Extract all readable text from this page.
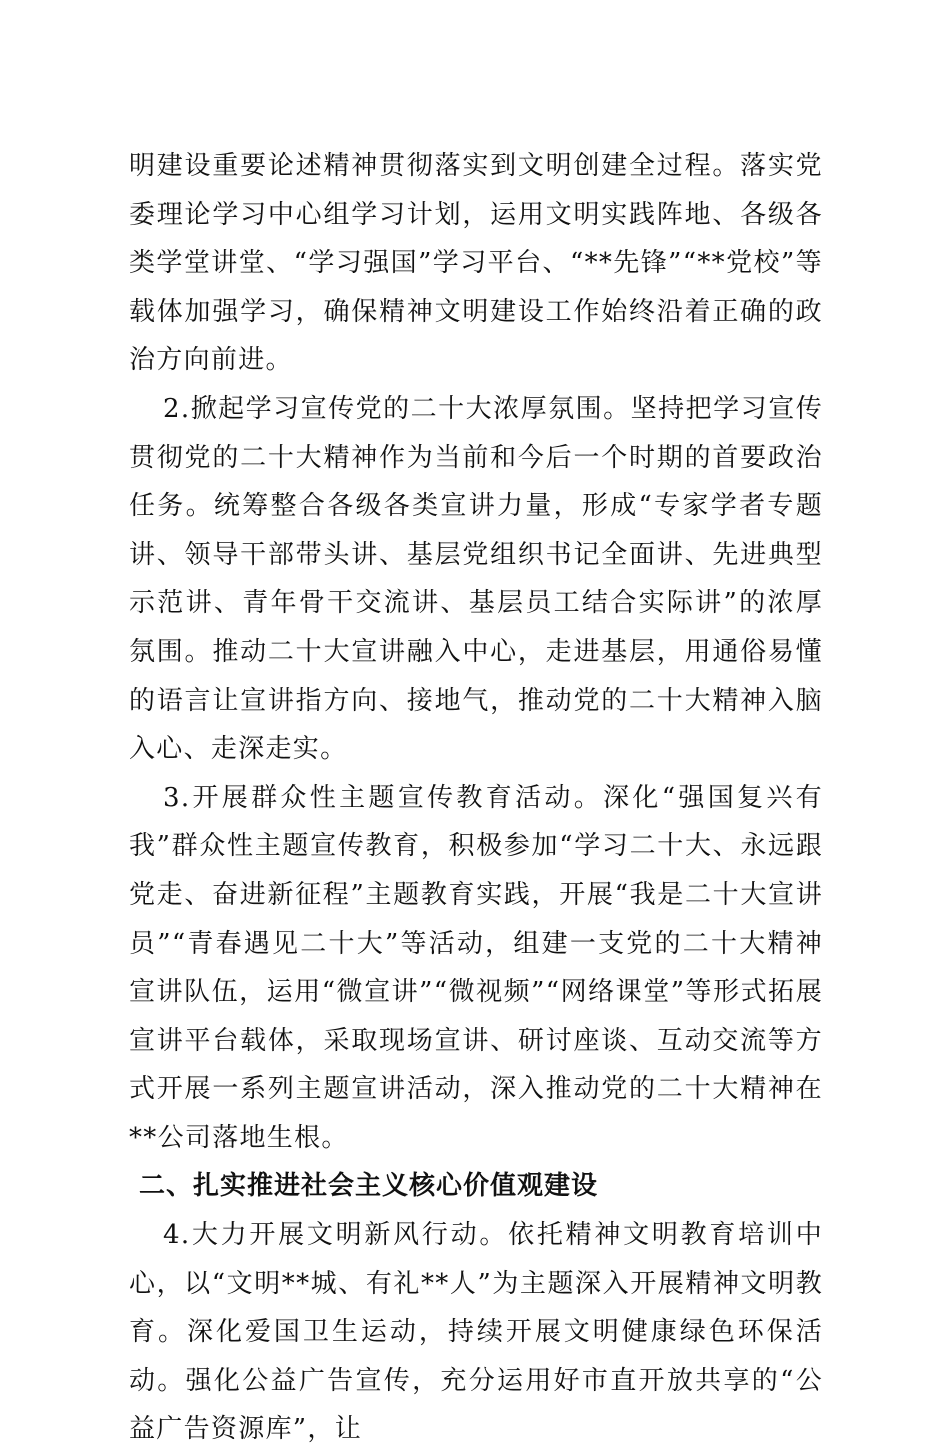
明建设重要论述精神贯彻落实到文明创建全过程。落实党委理论学习中心组学习计划，运用文明实践阵地、各级各类学堂讲堂、“学习强国”学习平台、“**先锋”“**党校”等载体加强学习，确保精神文明建设工作始终沿着正确的政治方向前进。

2.掀起学习宣传党的二十大浓厚氛围。坚持把学习宣传贯彻党的二十大精神作为当前和今后一个时期的首要政治任务。统筹整合各级各类宣讲力量，形成“专家学者专题讲、领导干部带头讲、基层党组织书记全面讲、先进典型示范讲、青年骨干交流讲、基层员工结合实际讲”的浓厚氛围。推动二十大宣讲融入中心，走进基层，用通俗易懂的语言让宣讲指方向、接地气，推动党的二十大精神入脑入心、走深走实。

3.开展群众性主题宣传教育活动。深化“强国复兴有我”群众性主题宣传教育，积极参加“学习二十大、永远跟党走、奋进新征程”主题教育实践，开展“我是二十大宣讲员”“青春遇见二十大”等活动，组建一支党的二十大精神宣讲队伍，运用“微宣讲”“微视频”“网络课堂”等形式拓展宣讲平台载体，采取现场宣讲、研讨座谈、互动交流等方式开展一系列主题宣讲活动，深入推动党的二十大精神在**公司落地生根。

二、扎实推进社会主义核心价值观建设

4.大力开展文明新风行动。依托精神文明教育培训中心，以“文明**城、有礼**人”为主题深入开展精神文明教育。深化爱国卫生运动，持续开展文明健康绿色环保活动。强化公益广告宣传，充分运用好市直开放共享的“公益广告资源库”，让
